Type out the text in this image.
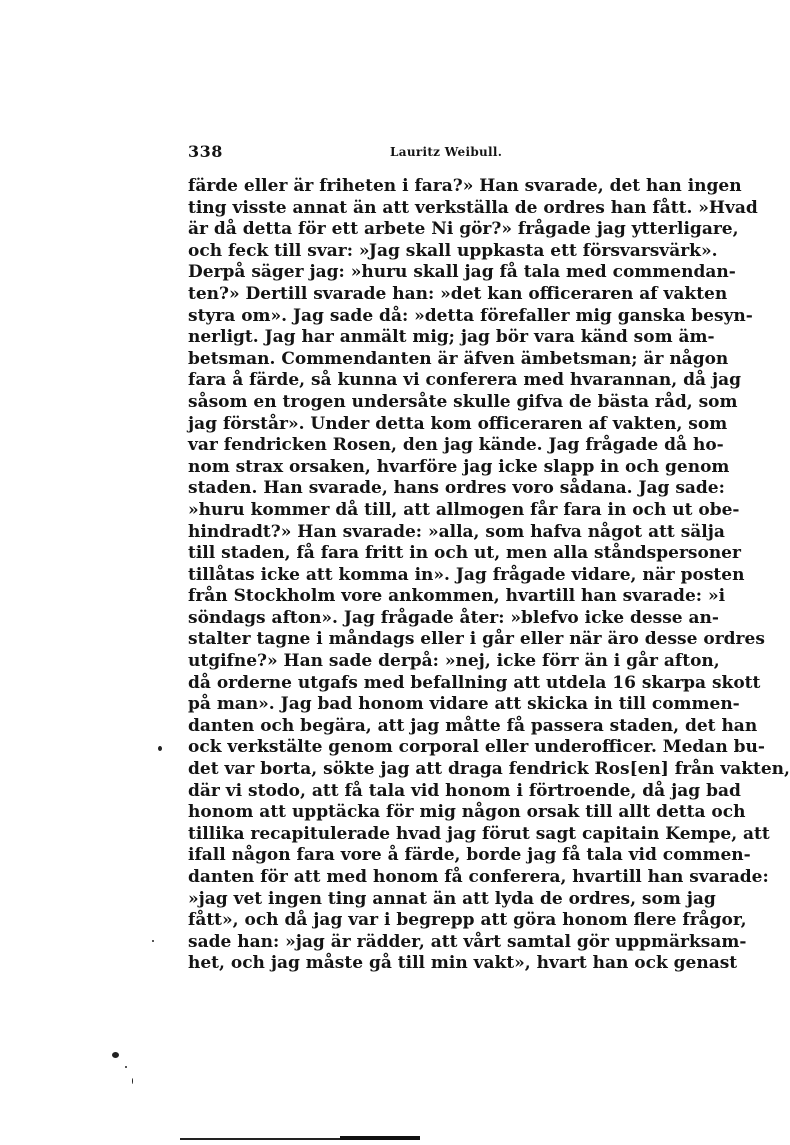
338	Lauritz Weibull.
färde eller är friheten i fara?» Han svarade, det han ingen
ting visste annat än att verkställa de ordres han fått. »Hvad
är då detta för ett arbete Ni gör?» frågade jag ytterligare,
och feck till svar: »Jag skall uppkasta ett försvarsvärk».
Derpå säger jag: »huru skall jag få tala med commendan-
ten?» Dertill svarade han: »det kan officeraren af vakten
styra om». Jag sade då: »detta förefaller mig ganska besyn-
nerligt. Jag har anmält mig; jag bör vara känd som äm-
betsman. Commendanten är äfven ämbetsman; är någon
fara å färde, så kunna vi conferera med hvarannan, då jag
såsom en trogen undersåte skulle gifva de bästa råd, som
jag förstår». Under detta kom officeraren af vakten, som
var fendricken Rosen, den jag kände. Jag frågade då ho-
nom strax orsaken, hvarföre jag icke slapp in och genom
staden. Han svarade, hans ordres voro sådana. Jag sade:
»huru kommer då till, att allmogen får fara in och ut obe-
hindradt?» Han svarade: »alla, som hafva något att sälja
till staden, få fara fritt in och ut, men alla ståndspersoner
tillåtas icke att komma in». Jag frågade vidare, när posten
från Stockholm vore ankommen, hvartill han svarade: »i
söndags afton». Jag frågade åter: »blefvo icke desse an-
stalter tagne i måndags eller i går eller när äro desse ordres
utgifne?» Han sade derpå: »nej, icke förr än i går afton,
då orderne utgafs med befallning att utdela 16 skarpa skott
på man». Jag bad honom vidare att skicka in till commen-
danten och begära, att jag måtte få passera staden, det han
ock verkstälte genom corporal eller underofficer. Medan bu-
det var borta, sökte jag att draga fendrick Ros[en] från vakten,
där vi stodo, att få tala vid honom i förtroende, då jag bad
honom att upptäcka för mig någon orsak till allt detta och
tillika recapitulerade hvad jag förut sagt capitain Kempe, att
ifall någon fara vore å färde, borde jag få tala vid commen-
danten för att med honom få conferera, hvartill han svarade:
»jag vet ingen ting annat än att lyda de ordres, som jag
fått», och då jag var i begrepp att göra honom flere frågor,
sade han: »jag är rädder, att vårt samtal gör uppmärksam-
het, och jag måste gå till min vakt», hvart han ock genast
